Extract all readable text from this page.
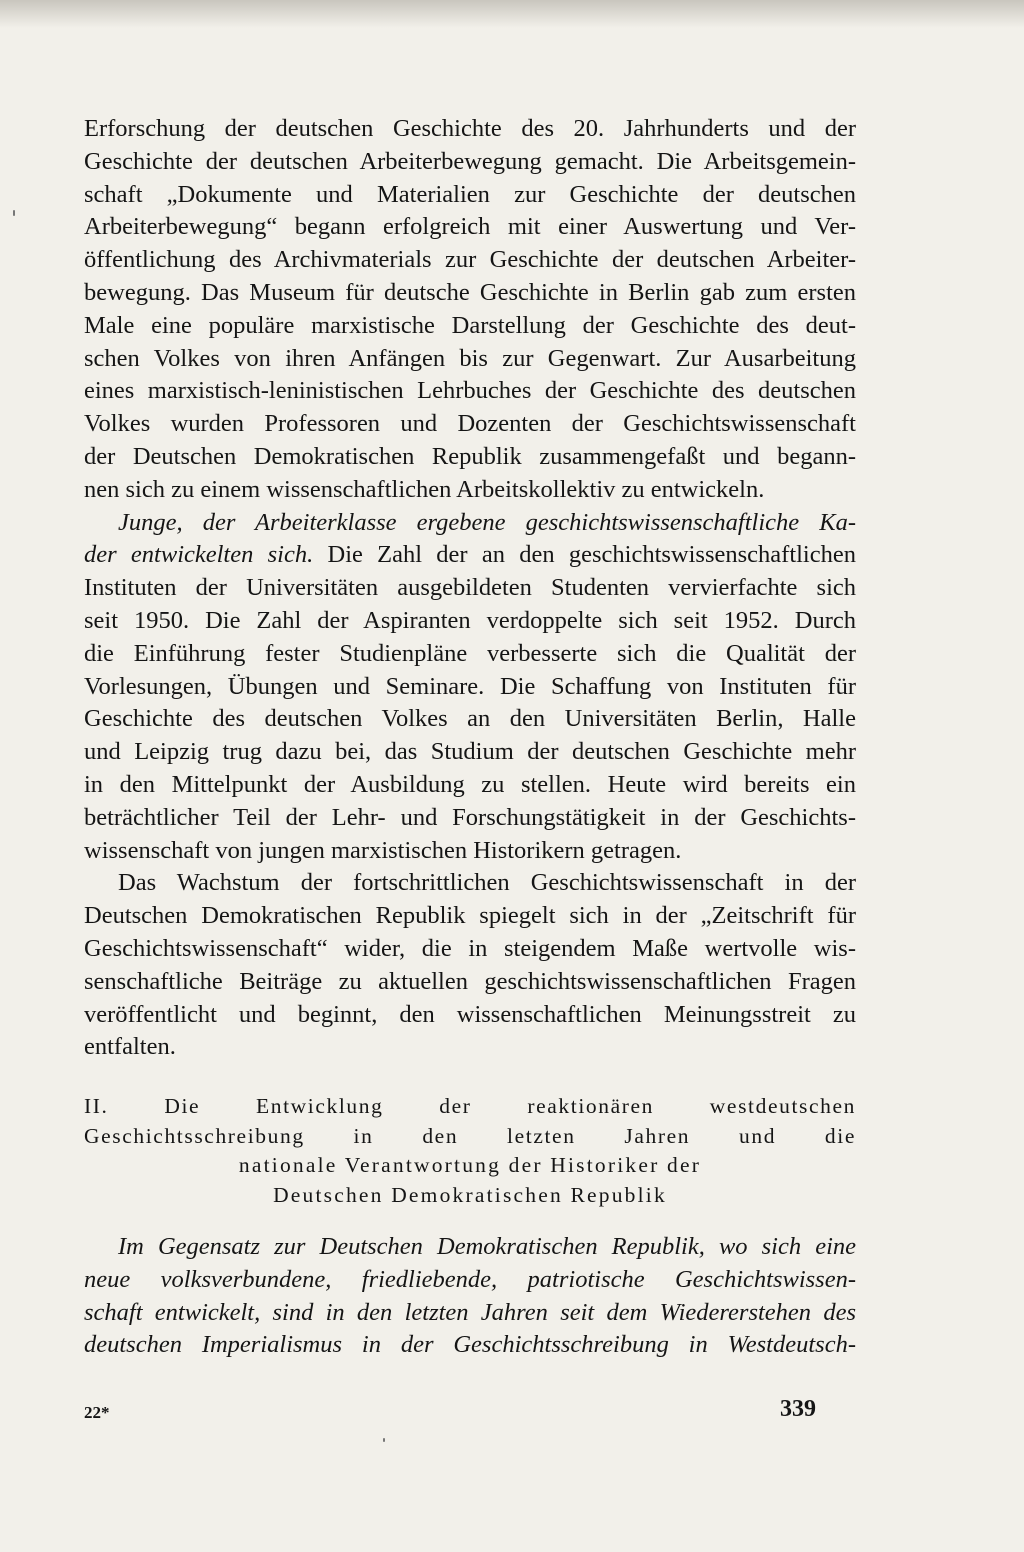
Erforschung der deutschen Geschichte des 20. Jahrhunderts und der
Geschichte der deutschen Arbeiterbewegung gemacht. Die Arbeitsgemein-
schaft „Dokumente und Materialien zur Geschichte der deutschen
Arbeiterbewegung“ begann erfolgreich mit einer Auswertung und Ver-
öffentlichung des Archivmaterials zur Geschichte der deutschen Arbeiter-
bewegung. Das Museum für deutsche Geschichte in Berlin gab zum ersten
Male eine populäre marxistische Darstellung der Geschichte des deut-
schen Volkes von ihren Anfängen bis zur Gegenwart. Zur Ausarbeitung
eines marxistisch-leninistischen Lehrbuches der Geschichte des deutschen
Volkes wurden Professoren und Dozenten der Geschichtswissenschaft
der Deutschen Demokratischen Republik zusammengefaßt und begann-
nen sich zu einem wissenschaftlichen Arbeitskollektiv zu entwickeln.
Junge, der Arbeiterklasse ergebene geschichtswissenschaftliche Ka-
der entwickelten sich. Die Zahl der an den geschichtswissenschaftlichen
Instituten der Universitäten ausgebildeten Studenten vervierfachte sich
seit 1950. Die Zahl der Aspiranten verdoppelte sich seit 1952. Durch
die Einführung fester Studienpläne verbesserte sich die Qualität der
Vorlesungen, Übungen und Seminare. Die Schaffung von Instituten für
Geschichte des deutschen Volkes an den Universitäten Berlin, Halle
und Leipzig trug dazu bei, das Studium der deutschen Geschichte mehr
in den Mittelpunkt der Ausbildung zu stellen. Heute wird bereits ein
beträchtlicher Teil der Lehr- und Forschungstätigkeit in der Geschichts-
wissenschaft von jungen marxistischen Historikern getragen.
Das Wachstum der fortschrittlichen Geschichtswissenschaft in der
Deutschen Demokratischen Republik spiegelt sich in der „Zeitschrift für
Geschichtswissenschaft“ wider, die in steigendem Maße wertvolle wis-
senschaftliche Beiträge zu aktuellen geschichtswissenschaftlichen Fragen
veröffentlicht und beginnt, den wissenschaftlichen Meinungsstreit zu
entfalten.
II. Die Entwicklung der reaktionären westdeutschen
Geschichtsschreibung in den letzten Jahren und die
nationale Verantwortung der Historiker der
Deutschen Demokratischen Republik
Im Gegensatz zur Deutschen Demokratischen Republik, wo sich eine
neue volksverbundene, friedliebende, patriotische Geschichtswissen-
schaft entwickelt, sind in den letzten Jahren seit dem Wiedererstehen des
deutschen Imperialismus in der Geschichtsschreibung in Westdeutsch-
22*	339
